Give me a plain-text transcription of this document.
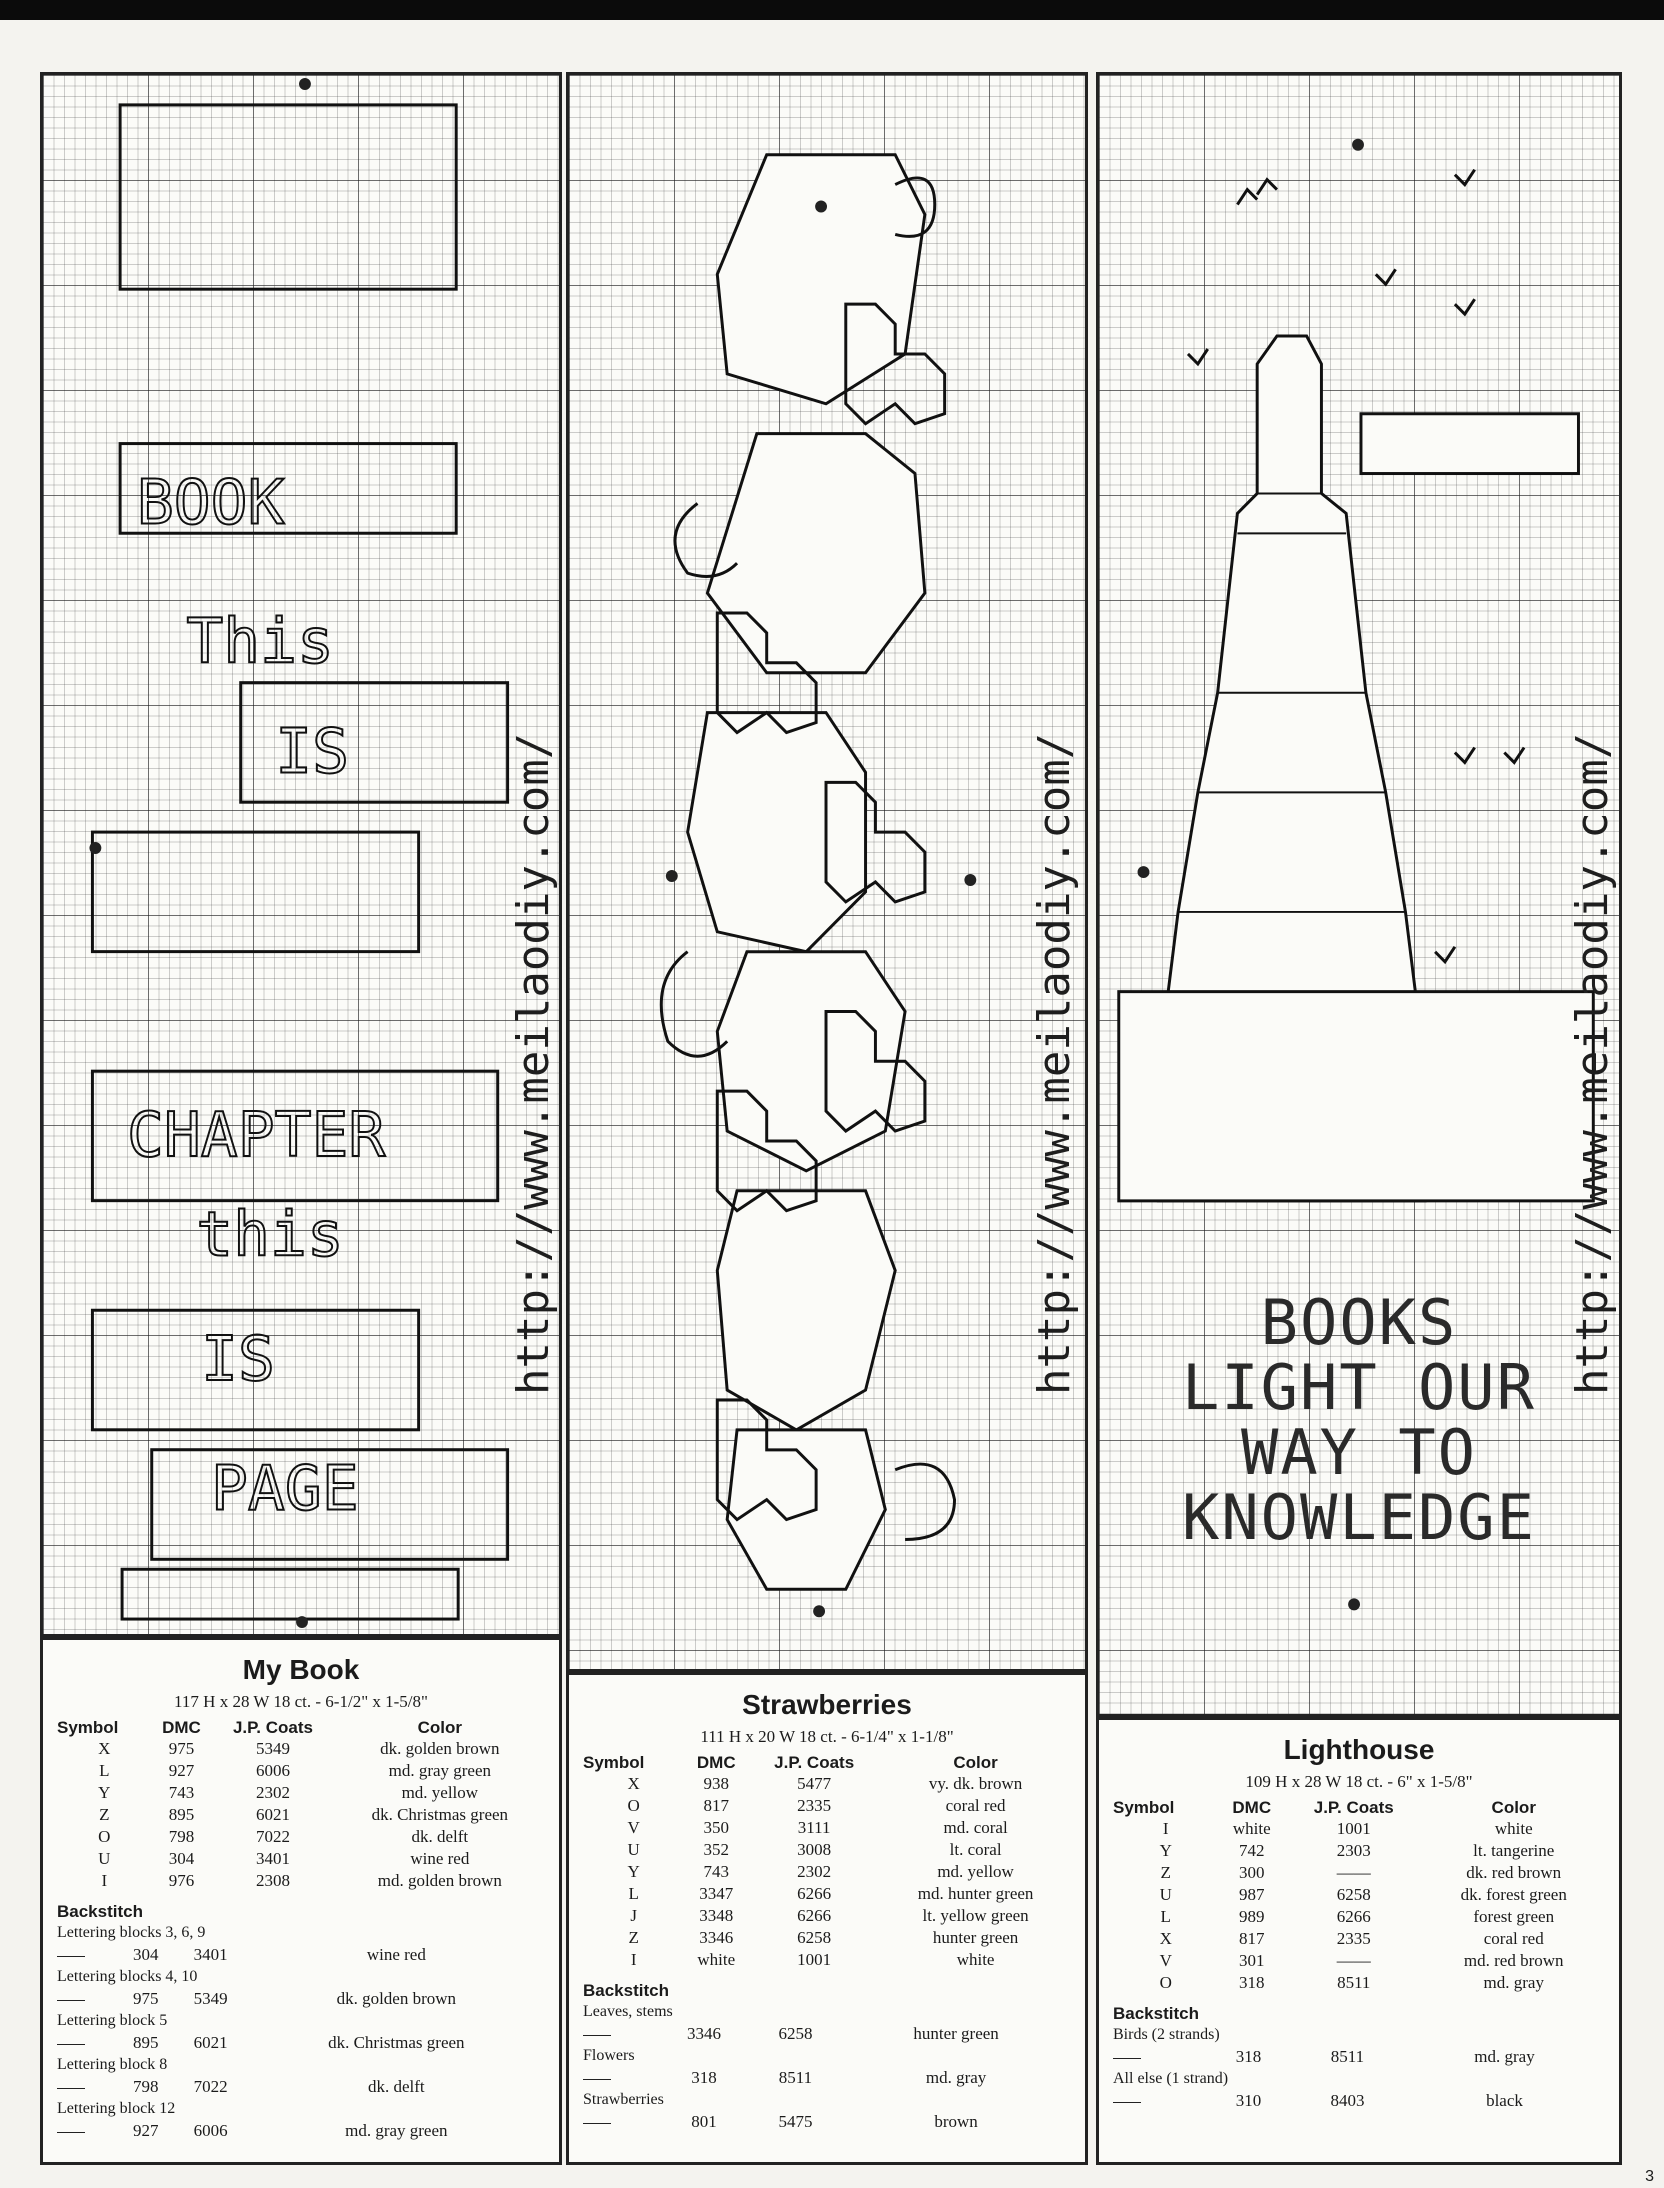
BOOK
This
IS
CHAPTER
this
IS
PAGE
http://www.meilaodiy.com/	http://www.meilaodiy.com/	BOOKS
LIGHT OUR
WAY TO
KNOWLEDGE
http://www.meilaodiy.com/
My Book
117 H x 28 W 18 ct. - 6-1/2" x 1-5/8"
Symbol	DMC	J.P. Coats	Color
X	975	5349	dk. golden brown
L	927	6006	md. gray green
Y	743	2302	md. yellow
Z	895	6021	dk. Christmas green
O	798	7022	dk. delft
U	304	3401	wine red
I	976	2308	md. golden brown
Backstitch
Lettering blocks 3, 6, 9			
	304	3401	wine red
Lettering blocks 4, 10			
	975	5349	dk. golden brown
Lettering block 5			
	895	6021	dk. Christmas green
Lettering block 8			
	798	7022	dk. delft
Lettering block 12			
	927	6006	md. gray green
Strawberries
111 H x 20 W 18 ct. - 6-1/4" x 1-1/8"
Symbol	DMC	J.P. Coats	Color
X	938	5477	vy. dk. brown
O	817	2335	coral red
V	350	3111	md. coral
U	352	3008	lt. coral
Y	743	2302	md. yellow
L	3347	6266	md. hunter green
J	3348	6266	lt. yellow green
Z	3346	6258	hunter green
I	white	1001	white
Backstitch
Leaves, stems			
	3346	6258	hunter green
Flowers			
	318	8511	md. gray
Strawberries			
	801	5475	brown
Lighthouse
109 H x 28 W 18 ct. - 6" x 1-5/8"
Symbol	DMC	J.P. Coats	Color
I	white	1001	white
Y	742	2303	lt. tangerine
Z	300	——	dk. red brown
U	987	6258	dk. forest green
L	989	6266	forest green
X	817	2335	coral red
V	301	——	md. red brown
O	318	8511	md. gray
Backstitch
Birds (2 strands)			
	318	8511	md. gray
All else (1 strand)			
	310	8403	black
3
